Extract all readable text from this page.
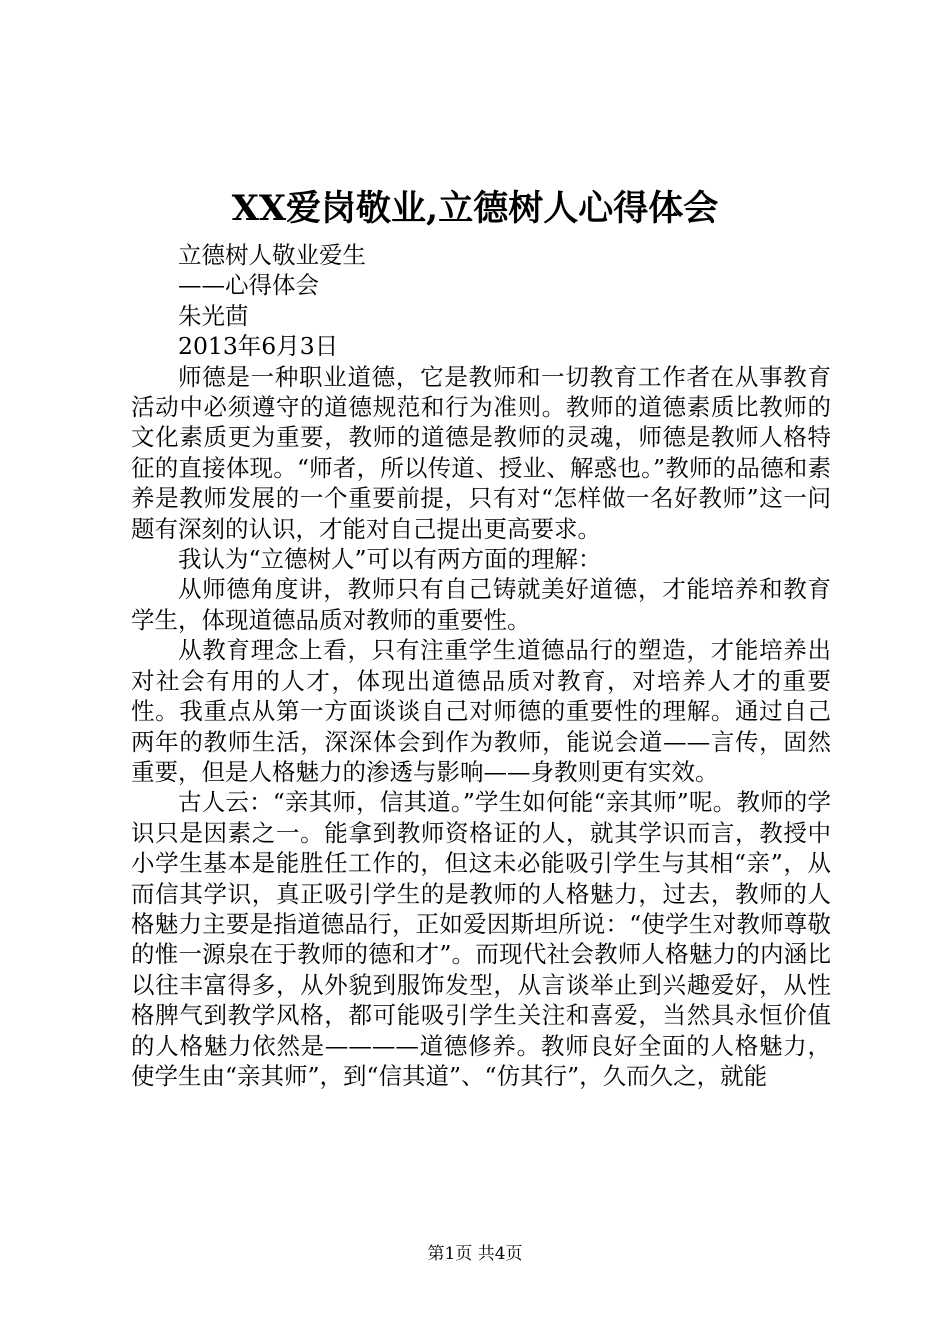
XX爱岗敬业,立德树人心得体会

立德树人敬业爱生

——心得体会

朱光茴

2013年6月3日

师德是一种职业道德，它是教师和一切教育工作者在从事教育活动中必须遵守的道德规范和行为准则。教师的道德素质比教师的文化素质更为重要，教师的道德是教师的灵魂，师德是教师人格特征的直接体现。“师者，所以传道、授业、解惑也。”教师的品德和素养是教师发展的一个重要前提，只有对“怎样做一名好教师”这一问题有深刻的认识，才能对自己提出更高要求。

我认为“立德树人”可以有两方面的理解：

从师德角度讲，教师只有自己铸就美好道德，才能培养和教育学生，体现道德品质对教师的重要性。

从教育理念上看，只有注重学生道德品行的塑造，才能培养出对社会有用的人才，体现出道德品质对教育，对培养人才的重要性。我重点从第一方面谈谈自己对师德的重要性的理解。通过自己两年的教师生活，深深体会到作为教师，能说会道——言传，固然重要，但是人格魅力的渗透与影响——身教则更有实效。

古人云：“亲其师，信其道。”学生如何能“亲其师”呢。教师的学识只是因素之一。能拿到教师资格证的人，就其学识而言，教授中小学生基本是能胜任工作的，但这未必能吸引学生与其相“亲”，从而信其学识，真正吸引学生的是教师的人格魅力，过去，教师的人格魅力主要是指道德品行，正如爱因斯坦所说：“使学生对教师尊敬的惟一源泉在于教师的德和才”。而现代社会教师人格魅力的内涵比以往丰富得多，从外貌到服饰发型，从言谈举止到兴趣爱好，从性格脾气到教学风格，都可能吸引学生关注和喜爱，当然具永恒价值的人格魅力依然是————道德修养。教师良好全面的人格魅力，使学生由“亲其师”，到“信其道”、“仿其行”，久而久之，就能

第1页 共4页
